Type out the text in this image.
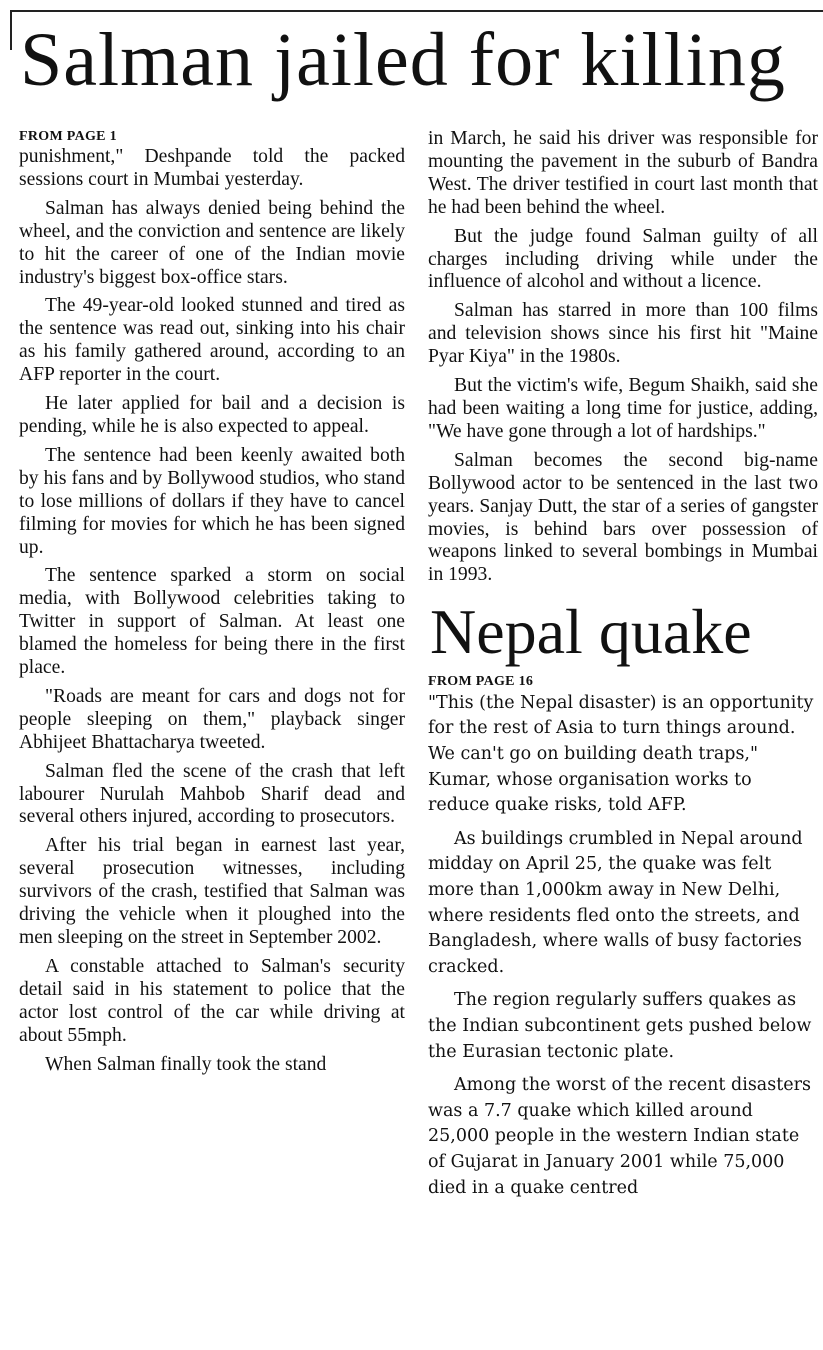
Salman jailed for killing
FROM PAGE 1

punishment," Deshpande told the packed sessions court in Mumbai yesterday.

Salman has always denied being behind the wheel, and the conviction and sentence are likely to hit the career of one of the Indian movie industry's biggest box-office stars.

The 49-year-old looked stunned and tired as the sentence was read out, sinking into his chair as his family gathered around, according to an AFP reporter in the court.

He later applied for bail and a decision is pending, while he is also expected to appeal.

The sentence had been keenly awaited both by his fans and by Bollywood studios, who stand to lose millions of dollars if they have to cancel filming for movies for which he has been signed up.

The sentence sparked a storm on social media, with Bollywood celebrities taking to Twitter in support of Salman. At least one blamed the homeless for being there in the first place.

"Roads are meant for cars and dogs not for people sleeping on them," playback singer Abhijeet Bhattacharya tweeted.

Salman fled the scene of the crash that left labourer Nurulah Mahbob Sharif dead and several others injured, according to prosecutors.

After his trial began in earnest last year, several prosecution witnesses, including survivors of the crash, testified that Salman was driving the vehicle when it ploughed into the men sleeping on the street in September 2002.

A constable attached to Salman's security detail said in his statement to police that the actor lost control of the car while driving at about 55mph.

When Salman finally took the stand

in March, he said his driver was responsible for mounting the pavement in the suburb of Bandra West. The driver testified in court last month that he had been behind the wheel.

But the judge found Salman guilty of all charges including driving while under the influence of alcohol and without a licence.

Salman has starred in more than 100 films and television shows since his first hit "Maine Pyar Kiya" in the 1980s.

But the victim's wife, Begum Shaikh, said she had been waiting a long time for justice, adding, "We have gone through a lot of hardships."

Salman becomes the second big-name Bollywood actor to be sentenced in the last two years. Sanjay Dutt, the star of a series of gangster movies, is behind bars over possession of weapons linked to several bombings in Mumbai in 1993.

Nepal quake
FROM PAGE 16

"This (the Nepal disaster) is an opportunity for the rest of Asia to turn things around. We can't go on building death traps," Kumar, whose organisation works to reduce quake risks, told AFP.

As buildings crumbled in Nepal around midday on April 25, the quake was felt more than 1,000km away in New Delhi, where residents fled onto the streets, and Bangladesh, where walls of busy factories cracked.

The region regularly suffers quakes as the Indian subcontinent gets pushed below the Eurasian tectonic plate.

Among the worst of the recent disasters was a 7.7 quake which killed around 25,000 people in the western Indian state of Gujarat in January 2001 while 75,000 died in a quake centred
